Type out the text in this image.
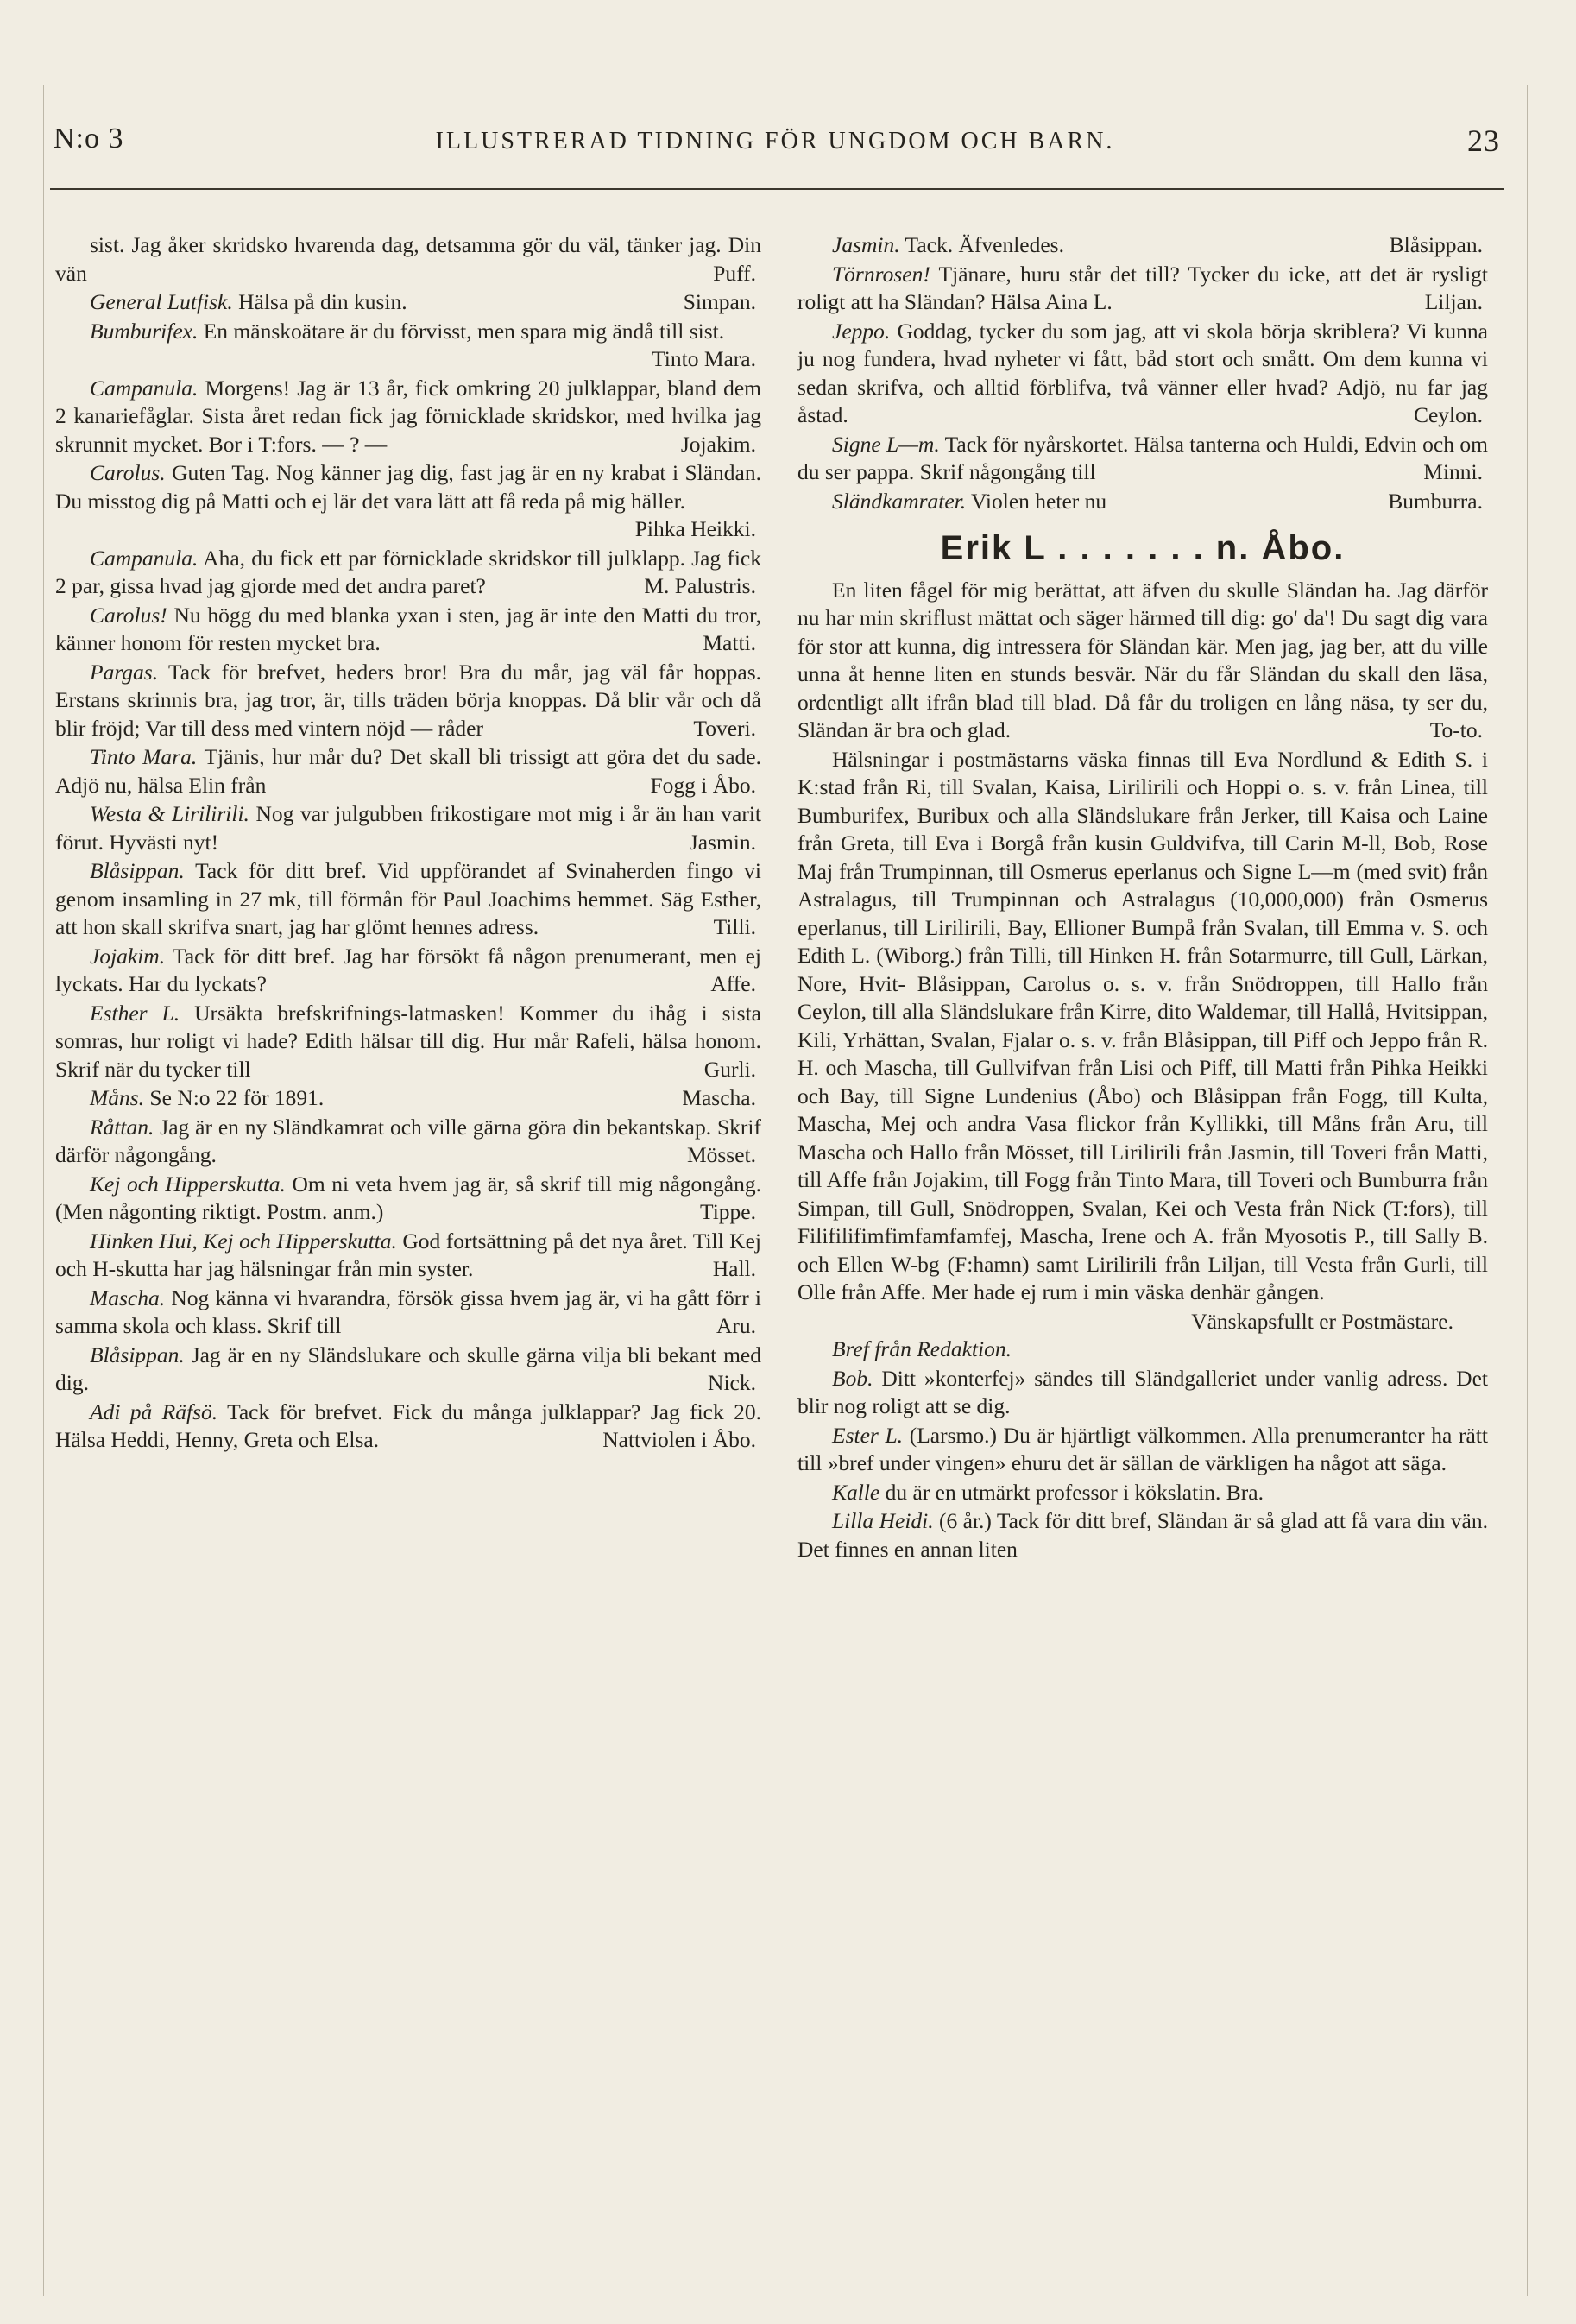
N:o 3	ILLUSTRERAD TIDNING FÖR UNGDOM OCH BARN.	23
sist. Jag åker skridsko hvarenda dag, detsamma gör du väl, tänker jag. Din vän	Puff.
General Lutfisk. Hälsa på din kusin.	Simpan.
Bumburifex. En mänskoätare är du förvisst, men spara mig ändå till sist.
Tinto Mara.
Campanula. Morgens! Jag är 13 år, fick omkring 20 julklappar, bland dem 2 kanariefåglar. Sista året redan fick jag förnicklade skridskor, med hvilka jag skrunnit mycket. Bor i T:fors. — ? —	Jojakim.
Carolus. Guten Tag. Nog känner jag dig, fast jag är en ny krabat i Sländan. Du misstog dig på Matti och ej lär det vara lätt att få reda på mig häller.
Pihka Heikki.
Campanula. Aha, du fick ett par förnicklade skridskor till julklapp. Jag fick 2 par, gissa hvad jag gjorde med det andra paret?	M. Palustris.
Carolus! Nu högg du med blanka yxan i sten, jag är inte den Matti du tror, känner honom för resten mycket bra.	Matti.
Pargas. Tack för brefvet, heders bror! Bra du mår, jag väl får hoppas. Erstans skrinnis bra, jag tror, är, tills träden börja knoppas. Då blir vår och då blir fröjd; Var till dess med vintern nöjd — råder	Toveri.
Tinto Mara. Tjänis, hur mår du? Det skall bli trissigt att göra det du sade. Adjö nu, hälsa Elin från	Fogg i Åbo.
Westa & Lirilirili. Nog var julgubben frikostigare mot mig i år än han varit förut. Hyvästi nyt!	Jasmin.
Blåsippan. Tack för ditt bref. Vid uppförandet af Svinaherden fingo vi genom insamling in 27 mk, till förmån för Paul Joachims hemmet. Säg Esther, att hon skall skrifva snart, jag har glömt hennes adress.	Tilli.
Jojakim. Tack för ditt bref. Jag har försökt få någon prenumerant, men ej lyckats. Har du lyckats?	Affe.
Esther L. Ursäkta brefskrifnings-latmasken! Kommer du ihåg i sista somras, hur roligt vi hade? Edith hälsar till dig. Hur mår Rafeli, hälsa honom. Skrif när du tycker till	Gurli.
Måns. Se N:o 22 för 1891.	Mascha.
Råttan. Jag är en ny Sländkamrat och ville gärna göra din bekantskap. Skrif därför någongång.	Mösset.
Kej och Hipperskutta. Om ni veta hvem jag är, så skrif till mig någongång. (Men någonting riktigt. Postm. anm.)	Tippe.
Hinken Hui, Kej och Hipperskutta. God fortsättning på det nya året. Till Kej och H-skutta har jag hälsningar från min syster.	Hall.
Mascha. Nog känna vi hvarandra, försök gissa hvem jag är, vi ha gått förr i samma skola och klass. Skrif till	Aru.
Blåsippan. Jag är en ny Sländslukare och skulle gärna vilja bli bekant med dig.	Nick.
Adi på Räfsö. Tack för brefvet. Fick du många julklappar? Jag fick 20. Hälsa Heddi, Henny, Greta och Elsa.	Nattviolen i Åbo.
Jasmin. Tack. Äfvenledes.	Blåsippan.
Törnrosen! Tjänare, huru står det till? Tycker du icke, att det är rysligt roligt att ha Sländan? Hälsa Aina L.	Liljan.
Jeppo. Goddag, tycker du som jag, att vi skola börja skriblera? Vi kunna ju nog fundera, hvad nyheter vi fått, båd stort och smått. Om dem kunna vi sedan skrifva, och alltid förblifva, två vänner eller hvad? Adjö, nu far jag åstad.	Ceylon.
Signe L—m. Tack för nyårskortet. Hälsa tanterna och Huldi, Edvin och om du ser pappa. Skrif någongång till	Minni.
Sländkamrater. Violen heter nu	Bumburra.
Erik L . . . . . . . n. Åbo.
En liten fågel för mig berättat, att äfven du skulle Sländan ha. Jag därför nu har min skriflust mättat och säger härmed till dig: go' da'! Du sagt dig vara för stor att kunna, dig intressera för Sländan kär. Men jag, jag ber, att du ville unna åt henne liten en stunds besvär. När du får Sländan du skall den läsa, ordentligt allt ifrån blad till blad. Då får du troligen en lång näsa, ty ser du, Sländan är bra och glad.	To-to.
Hälsningar i postmästarns väska finnas till Eva Nordlund & Edith S. i K:stad från Ri, till Svalan, Kaisa, Lirilirili och Hoppi o. s. v. från Linea, till Bumburifex, Buribux och alla Sländslukare från Jerker, till Kaisa och Laine från Greta, till Eva i Borgå från kusin Guldvifva, till Carin M-ll, Bob, Rose Maj från Trumpinnan, till Osmerus eperlanus och Signe L—m (med svit) från Astralagus, till Trumpinnan och Astralagus (10,000,000) från Osmerus eperlanus, till Lirilirili, Bay, Ellioner Bumpå från Svalan, till Emma v. S. och Edith L. (Wiborg.) från Tilli, till Hinken H. från Sotarmurre, till Gull, Lärkan, Nore, Hvit- Blåsippan, Carolus o. s. v. från Snödroppen, till Hallo från Ceylon, till alla Sländslukare från Kirre, dito Waldemar, till Hallå, Hvitsippan, Kili, Yrhättan, Svalan, Fjalar o. s. v. från Blåsippan, till Piff och Jeppo från R. H. och Mascha, till Gullvifvan från Lisi och Piff, till Matti från Pihka Heikki och Bay, till Signe Lundenius (Åbo) och Blåsippan från Fogg, till Kulta, Mascha, Mej och andra Vasa flickor från Kyllikki, till Måns från Aru, till Mascha och Hallo från Mösset, till Lirilirili från Jasmin, till Toveri från Matti, till Affe från Jojakim, till Fogg från Tinto Mara, till Toveri och Bumburra från Simpan, till Gull, Snödroppen, Svalan, Kei och Vesta från Nick (T:fors), till Filifilifimfimfamfamfej, Mascha, Irene och A. från Myosotis P., till Sally B. och Ellen W-bg (F:hamn) samt Lirilirili från Liljan, till Vesta från Gurli, till Olle från Affe. Mer hade ej rum i min väska denhär gången.
Vänskapsfullt er Postmästare.
Bref från Redaktion.
Bob. Ditt »konterfej» sändes till Sländgalleriet under vanlig adress. Det blir nog roligt att se dig.
Ester L. (Larsmo.) Du är hjärtligt välkommen. Alla prenumeranter ha rätt till »bref under vingen» ehuru det är sällan de värkligen ha något att säga.
Kalle du är en utmärkt professor i kökslatin. Bra.
Lilla Heidi. (6 år.) Tack för ditt bref, Sländan är så glad att få vara din vän. Det finnes en annan liten
